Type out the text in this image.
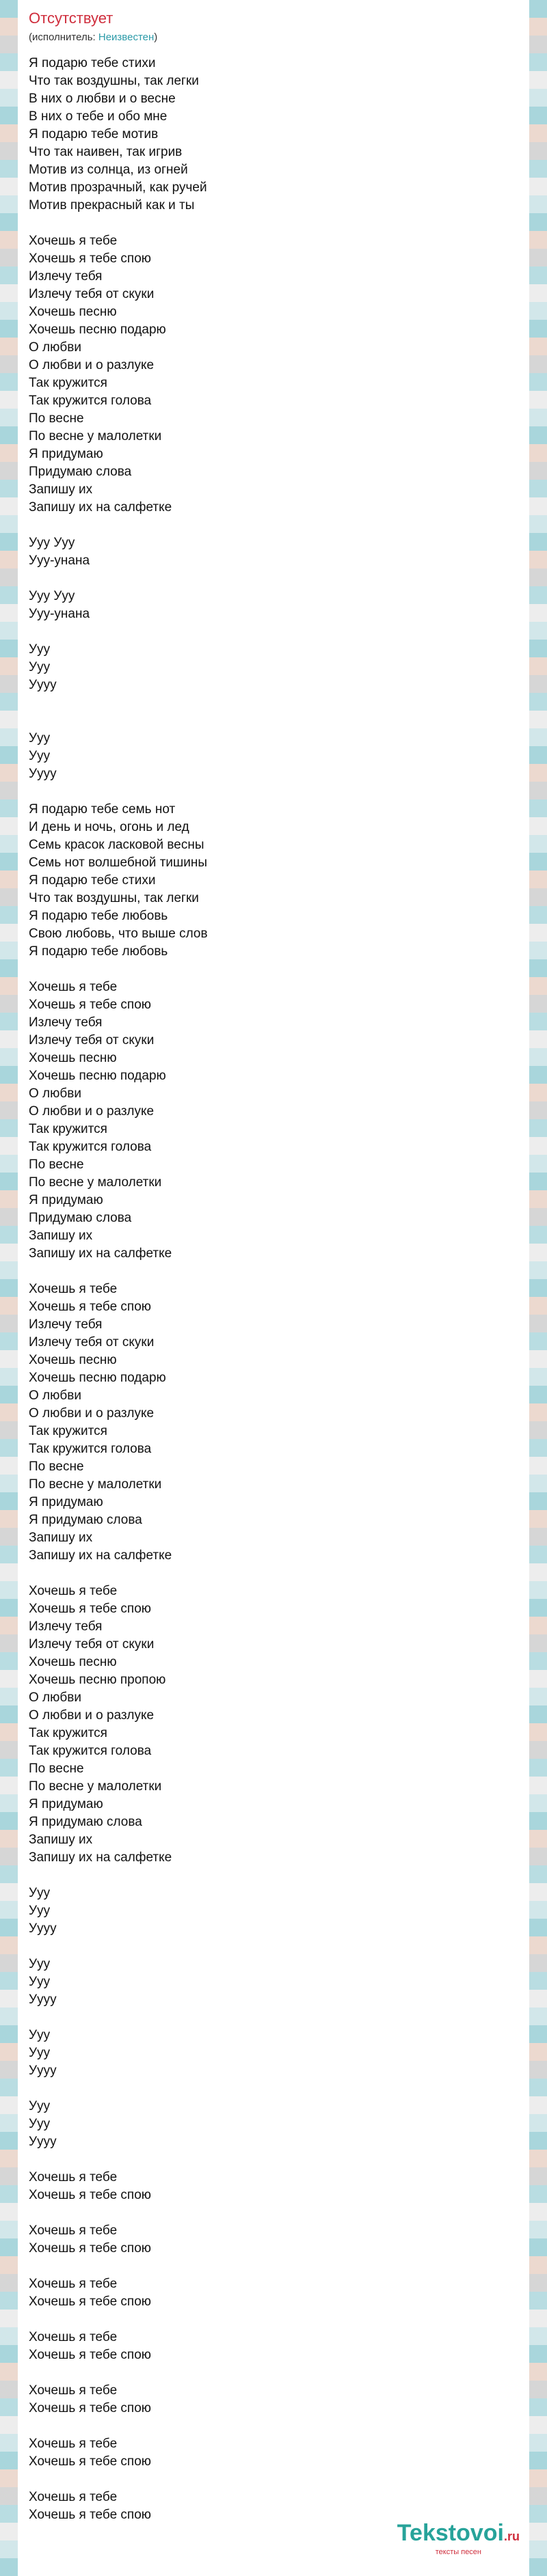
Отсутствует
(исполнитель: Неизвестен)
Я подарю тебе стихи
Что так воздушны, так легки
В них о любви и о весне
В них о тебе и обо мне
Я подарю тебе мотив
Что так наивен, так игрив
Мотив из солнца, из огней
Мотив прозрачный, как ручей
Мотив прекрасный как и ты
Хочешь я тебе
Хочешь я тебе спою
Излечу тебя
Излечу тебя от скуки
Хочешь песню
Хочешь песню подарю
О любви
О любви и о разлуке
Так кружится
Так кружится голова
По весне
По весне у малолетки
Я придумаю
Придумаю слова
Запишу их
Запишу их на салфетке
Ууу Ууу
Ууу-унана
Ууу Ууу
Ууу-унана
Ууу
Ууу
Уууу
Ууу
Ууу
Уууу
Я подарю тебе семь нот
И день и ночь, огонь и лед
Семь красок ласковой весны
Семь нот волшебной тишины
Я подарю тебе стихи
Что так воздушны, так легки
Я подарю тебе любовь
Свою любовь, что выше слов
Я подарю тебе любовь
Хочешь я тебе
Хочешь я тебе спою
Излечу тебя
Излечу тебя от скуки
Хочешь песню
Хочешь песню подарю
О любви
О любви и о разлуке
Так кружится
Так кружится голова
По весне
По весне у малолетки
Я придумаю
Придумаю слова
Запишу их
Запишу их на салфетке
Хочешь я тебе
Хочешь я тебе спою
Излечу тебя
Излечу тебя от скуки
Хочешь песню
Хочешь песню подарю
О любви
О любви и о разлуке
Так кружится
Так кружится голова
По весне
По весне у малолетки
Я придумаю
Я придумаю слова
Запишу их
Запишу их на салфетке
Хочешь я тебе
Хочешь я тебе спою
Излечу тебя
Излечу тебя от скуки
Хочешь песню
Хочешь песню пропою
О любви
О любви и о разлуке
Так кружится
Так кружится голова
По весне
По весне у малолетки
Я придумаю
Я придумаю слова
Запишу их
Запишу их на салфетке
Ууу
Ууу
Уууу
Ууу
Ууу
Уууу
Ууу
Ууу
Уууу
Ууу
Ууу
Уууу
Хочешь я тебе
Хочешь я тебе спою
Хочешь я тебе
Хочешь я тебе спою
Хочешь я тебе
Хочешь я тебе спою
Хочешь я тебе
Хочешь я тебе спою
Хочешь я тебе
Хочешь я тебе спою
Хочешь я тебе
Хочешь я тебе спою
Хочешь я тебе
Хочешь я тебе спою
Tekstovoi.ru
тексты песен
